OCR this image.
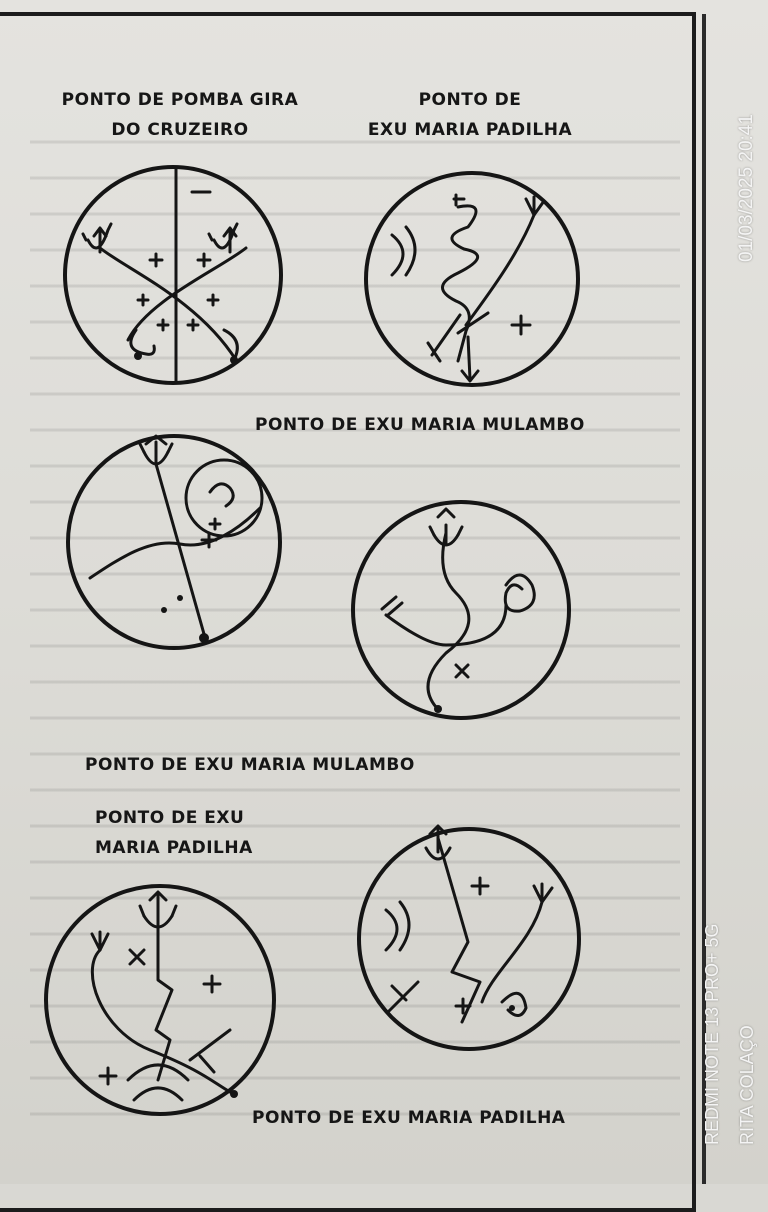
PONTO DE POMBA GIRA
DO CRUZEIRO
PONTO DE
EXU MARIA PADILHA
PONTO DE EXU MARIA MULAMBO
PONTO DE EXU MARIA MULAMBO
PONTO DE EXU
MARIA PADILHA
PONTO DE EXU MARIA PADILHA
01/03/2025 20:41
REDMI NOTE 13 PRO+ 5G RITA COLAÇO
